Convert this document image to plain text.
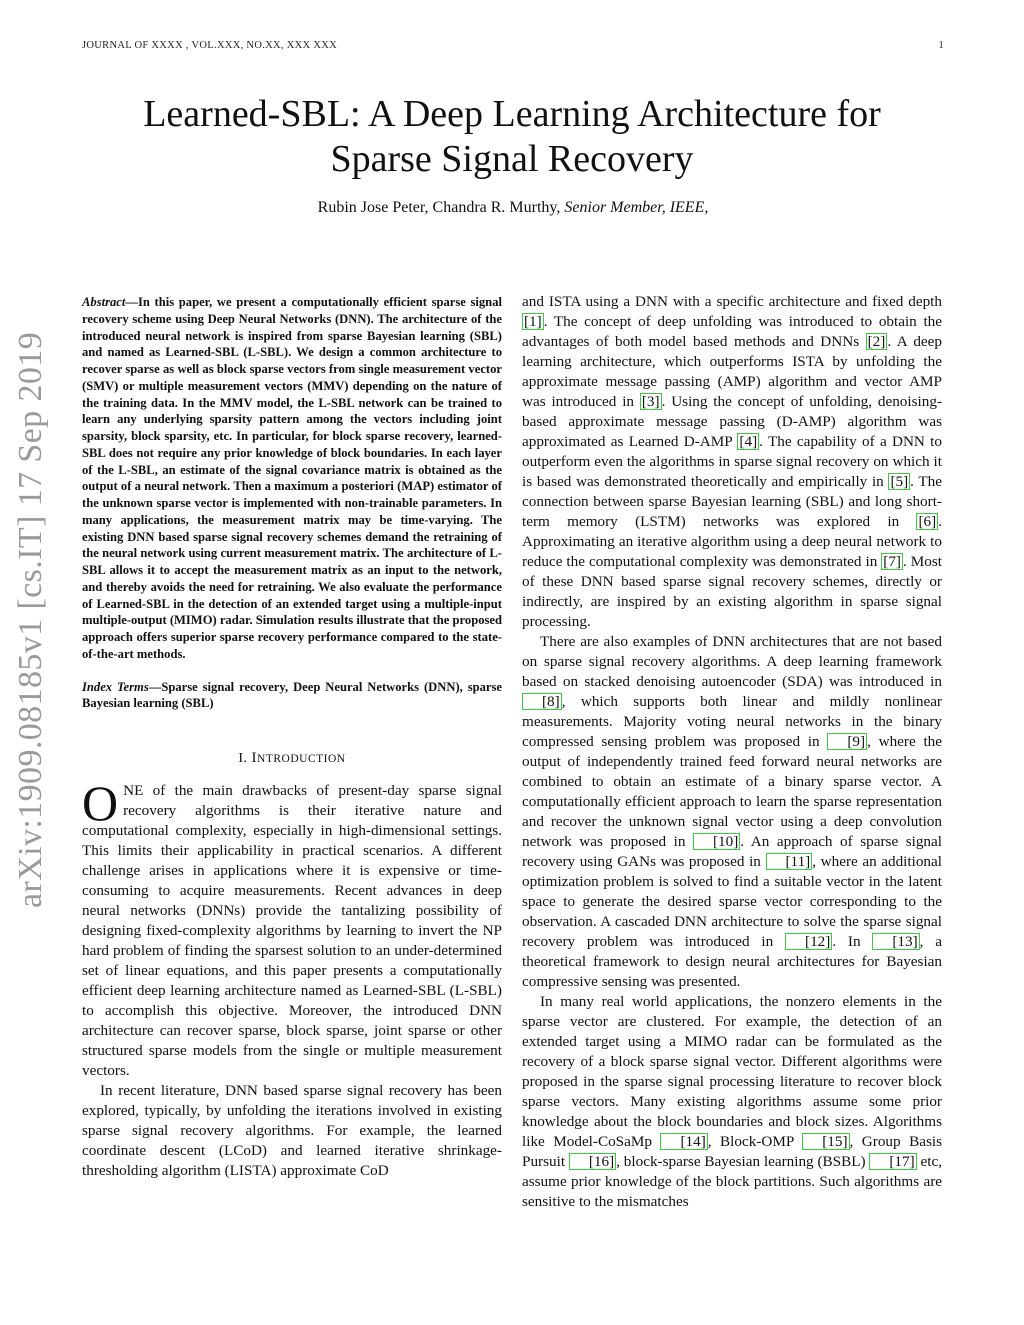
JOURNAL OF XXXX , VOL.XXX, NO.XX, XXX XXX	1
Learned-SBL: A Deep Learning Architecture for
Sparse Signal Recovery
Rubin Jose Peter, Chandra R. Murthy, Senior Member, IEEE,
arXiv:1909.08185v1 [cs.IT] 17 Sep 2019

Abstract—In this paper, we present a computationally efficient sparse signal recovery scheme using Deep Neural Networks (DNN). The architecture of the introduced neural network is inspired from sparse Bayesian learning (SBL) and named as Learned-SBL (L-SBL). We design a common architecture to recover sparse as well as block sparse vectors from single measurement vector (SMV) or multiple measurement vectors (MMV) depending on the nature of the training data. In the MMV model, the L-SBL network can be trained to learn any underlying sparsity pattern among the vectors including joint sparsity, block sparsity, etc. In particular, for block sparse recovery, learned-SBL does not require any prior knowledge of block boundaries. In each layer of the L-SBL, an estimate of the signal covariance matrix is obtained as the output of a neural network. Then a maximum a posteriori (MAP) estimator of the unknown sparse vector is implemented with non-trainable parameters. In many applications, the measurement matrix may be time-varying. The existing DNN based sparse signal recovery schemes demand the retraining of the neural network using current measurement matrix. The architecture of L-SBL allows it to accept the measurement matrix as an input to the network, and thereby avoids the need for retraining. We also evaluate the performance of Learned-SBL in the detection of an extended target using a multiple-input multiple-output (MIMO) radar. Simulation results illustrate that the proposed approach offers superior sparse recovery performance compared to the state-of-the-art methods.

Index Terms—Sparse signal recovery, Deep Neural Networks (DNN), sparse Bayesian learning (SBL)

I. INTRODUCTION

ONE of the main drawbacks of present-day sparse signal recovery algorithms is their iterative nature and computational complexity, especially in high-dimensional settings. This limits their applicability in practical scenarios. A different challenge arises in applications where it is expensive or time-consuming to acquire measurements. Recent advances in deep neural networks (DNNs) provide the tantalizing possibility of designing fixed-complexity algorithms by learning to invert the NP hard problem of finding the sparsest solution to an under-determined set of linear equations, and this paper presents a computationally efficient deep learning architecture named as Learned-SBL (L-SBL) to accomplish this objective. Moreover, the introduced DNN architecture can recover sparse, block sparse, joint sparse or other structured sparse models from the single or multiple measurement vectors.

In recent literature, DNN based sparse signal recovery has been explored, typically, by unfolding the iterations involved in existing sparse signal recovery algorithms. For example, the learned coordinate descent (LCoD) and learned iterative shrinkage-thresholding algorithm (LISTA) approximate CoD

and ISTA using a DNN with a specific architecture and fixed depth [1] . The concept of deep unfolding was introduced to obtain the advantages of both model based methods and DNNs [2] . A deep learning architecture, which outperforms ISTA by unfolding the approximate message passing (AMP) algorithm and vector AMP was introduced in [3] . Using the concept of unfolding, denoising-based approximate message passing (D-AMP) algorithm was approximated as Learned D-AMP [4] . The capability of a DNN to outperform even the algorithms in sparse signal recovery on which it is based was demonstrated theoretically and empirically in [5] . The connection between sparse Bayesian learning (SBL) and long short-term memory (LSTM) networks was explored in [6] . Approximating an iterative algorithm using a deep neural network to reduce the computational complexity was demonstrated in [7] . Most of these DNN based sparse signal recovery schemes, directly or indirectly, are inspired by an existing algorithm in sparse signal processing.

There are also examples of DNN architectures that are not based on sparse signal recovery algorithms. A deep learning framework based on stacked denoising autoencoder (SDA) was introduced in [8] , which supports both linear and mildly nonlinear measurements. Majority voting neural networks in the binary compressed sensing problem was proposed in [9] , where the output of independently trained feed forward neural networks are combined to obtain an estimate of a binary sparse vector. A computationally efficient approach to learn the sparse representation and recover the unknown signal vector using a deep convolution network was proposed in [10] . An approach of sparse signal recovery using GANs was proposed in [11] , where an additional optimization problem is solved to find a suitable vector in the latent space to generate the desired sparse vector corresponding to the observation. A cascaded DNN architecture to solve the sparse signal recovery problem was introduced in [12] . In [13] , a theoretical framework to design neural architectures for Bayesian compressive sensing was presented.

In many real world applications, the nonzero elements in the sparse vector are clustered. For example, the detection of an extended target using a MIMO radar can be formulated as the recovery of a block sparse signal vector. Different algorithms were proposed in the sparse signal processing literature to recover block sparse vectors. Many existing algorithms assume some prior knowledge about the block boundaries and block sizes. Algorithms like Model-CoSaMp [14] , Block-OMP [15] , Group Basis Pursuit [16] , block-sparse Bayesian learning (BSBL) [17] etc, assume prior knowledge of the block partitions. Such algorithms are sensitive to the mismatches
